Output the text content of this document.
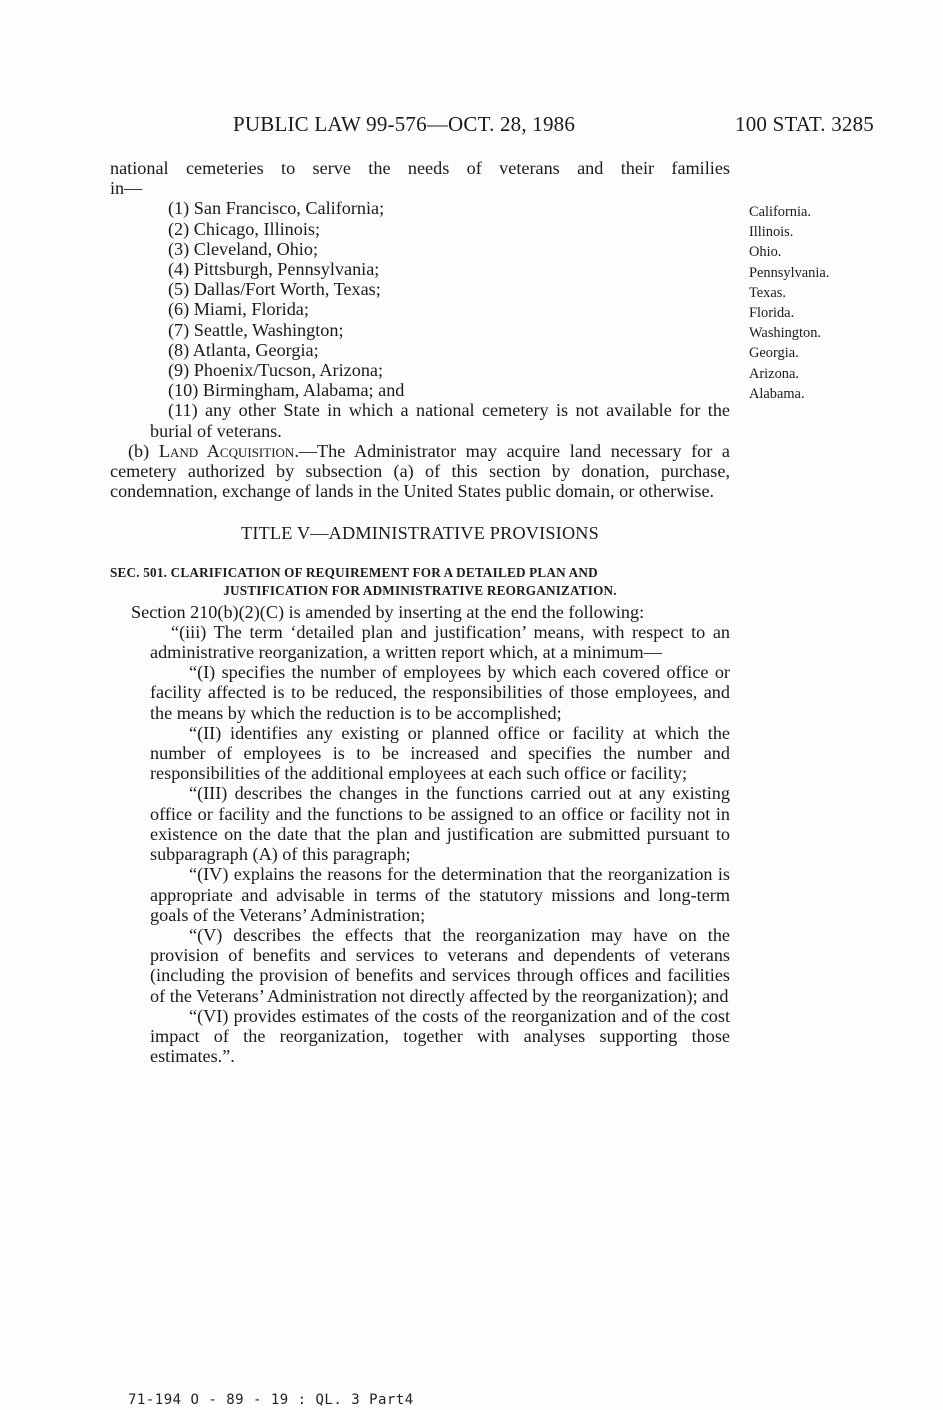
PUBLIC LAW 99-576—OCT. 28, 1986	100 STAT. 3285

national cemeteries to serve the needs of veterans and their families

in—

(1) San Francisco, California;

(2) Chicago, Illinois;

(3) Cleveland, Ohio;

(4) Pittsburgh, Pennsylvania;

(5) Dallas/Fort Worth, Texas;

(6) Miami, Florida;

(7) Seattle, Washington;

(8) Atlanta, Georgia;

(9) Phoenix/Tucson, Arizona;

(10) Birmingham, Alabama; and

(11) any other State in which a national cemetery is not available for the burial of veterans.

(b) Land Acquisition.—The Administrator may acquire land necessary for a cemetery authorized by subsection (a) of this section by donation, purchase, condemnation, exchange of lands in the United States public domain, or otherwise.

TITLE V—ADMINISTRATIVE PROVISIONS
SEC. 501. CLARIFICATION OF REQUIREMENT FOR A DETAILED PLAN AND
JUSTIFICATION FOR ADMINISTRATIVE REORGANIZATION.

Section 210(b)(2)(C) is amended by inserting at the end the following:

“(iii) The term ‘detailed plan and justification’ means, with respect to an administrative reorganization, a written report which, at a minimum—

“(I) specifies the number of employees by which each covered office or facility affected is to be reduced, the responsibilities of those employees, and the means by which the reduction is to be accomplished;

“(II) identifies any existing or planned office or facility at which the number of employees is to be increased and specifies the number and responsibilities of the additional employees at each such office or facility;

“(III) describes the changes in the functions carried out at any existing office or facility and the functions to be assigned to an office or facility not in existence on the date that the plan and justification are submitted pursuant to subparagraph (A) of this paragraph;

“(IV) explains the reasons for the determination that the reorganization is appropriate and advisable in terms of the statutory missions and long-term goals of the Veterans’ Administration;

“(V) describes the effects that the reorganization may have on the provision of benefits and services to veterans and dependents of veterans (including the provision of benefits and services through offices and facilities of the Veterans’ Administration not directly affected by the reorganization); and

“(VI) provides estimates of the costs of the reorganization and of the cost impact of the reorganization, together with analyses supporting those estimates.”.

California.
Illinois.
Ohio.
Pennsylvania.
Texas.
Florida.
Washington.
Georgia.
Arizona.
Alabama.
71-194 O - 89 - 19 : QL. 3 Part4
